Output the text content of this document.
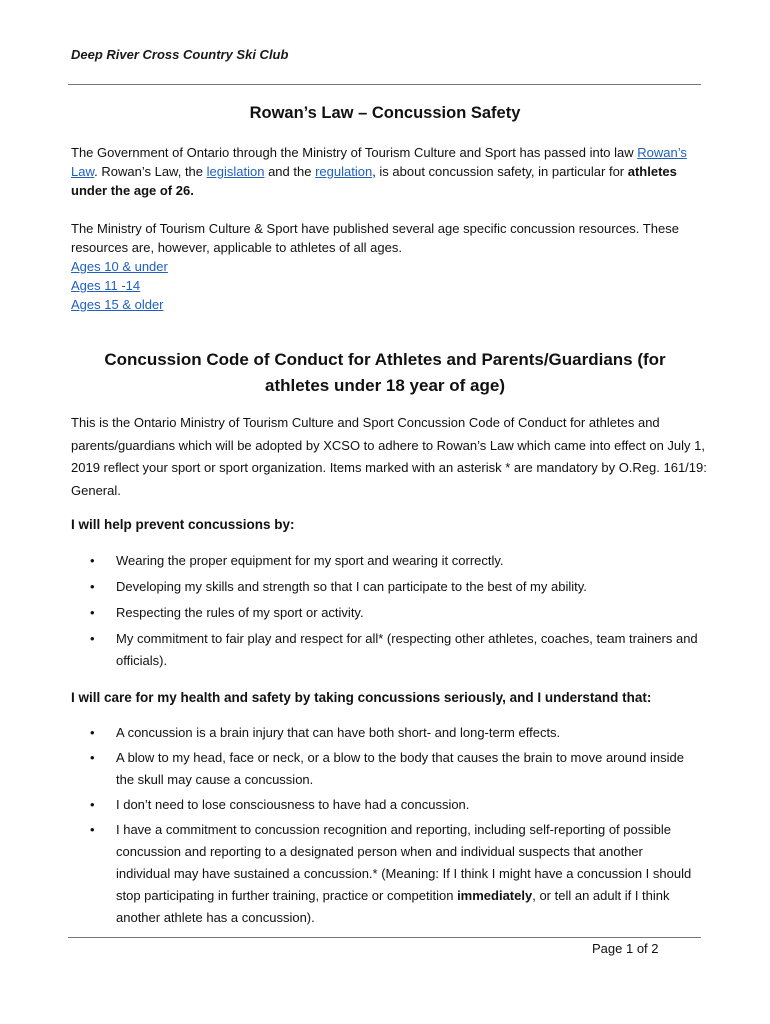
Deep River Cross Country Ski Club
Rowan’s Law – Concussion Safety
The Government of Ontario through the Ministry of Tourism Culture and Sport has passed into law Rowan’s Law. Rowan’s Law, the legislation and the regulation, is about concussion safety, in particular for athletes under the age of 26.
The Ministry of Tourism Culture & Sport have published several age specific concussion resources. These resources are, however, applicable to athletes of all ages.
Ages 10 & under
Ages 11 -14
Ages 15 & older
Concussion Code of Conduct for Athletes and Parents/Guardians (for athletes under 18 year of age)
This is the Ontario Ministry of Tourism Culture and Sport Concussion Code of Conduct for athletes and parents/guardians which will be adopted by XCSO to adhere to Rowan’s Law which came into effect on July 1, 2019 reflect your sport or sport organization. Items marked with an asterisk * are mandatory by O.Reg. 161/19: General.
I will help prevent concussions by:
• Wearing the proper equipment for my sport and wearing it correctly.
• Developing my skills and strength so that I can participate to the best of my ability.
• Respecting the rules of my sport or activity.
• My commitment to fair play and respect for all* (respecting other athletes, coaches, team trainers and officials).
I will care for my health and safety by taking concussions seriously, and I understand that:
• A concussion is a brain injury that can have both short- and long-term effects.
• A blow to my head, face or neck, or a blow to the body that causes the brain to move around inside the skull may cause a concussion.
• I don’t need to lose consciousness to have had a concussion.
• I have a commitment to concussion recognition and reporting, including self-reporting of possible concussion and reporting to a designated person when and individual suspects that another individual may have sustained a concussion.* (Meaning: If I think I might have a concussion I should stop participating in further training, practice or competition immediately, or tell an adult if I think another athlete has a concussion).
Page 1 of 2
